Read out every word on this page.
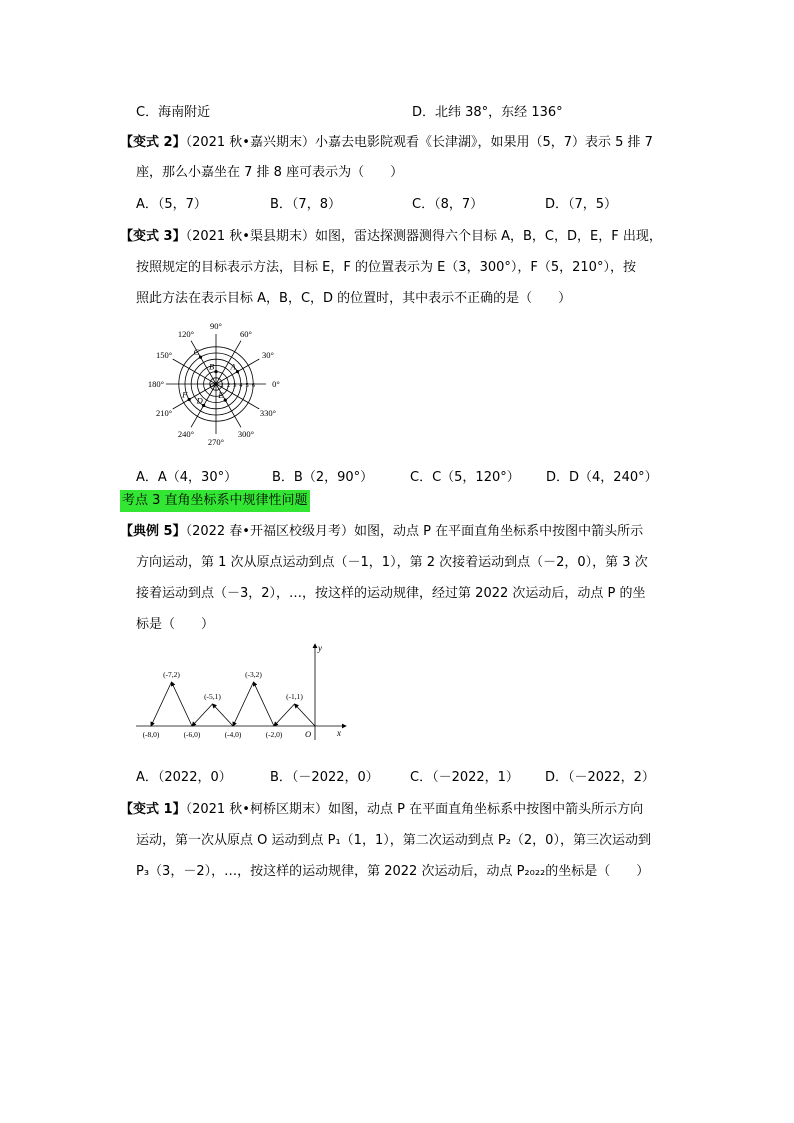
C．海南附近	D．北纬 38°，东经 136°
【变式 2】（2021 秋•嘉兴期末）小嘉去电影院观看《长津湖》，如果用（5，7）表示 5 排 7
座，那么小嘉坐在 7 排 8 座可表示为（　　）
A．（5，7）	B．（7，8）	C．（8，7）	D．（7，5）
【变式 3】（2021 秋•渠县期末）如图，雷达探测器测得六个目标 A，B，C，D，E，F 出现，
按照规定的目标表示方法，目标 E，F 的位置表示为 E（3，300°），F（5，210°），按
照此方法在表示目标 A，B，C，D 的位置时，其中表示不正确的是（　　）
0°
30°
60°
90°
120°
150°
180°
210°
240°
270°
300°
330°
1 2 3 4 5 6
O
A
B
C
D
E
F
A．A（4，30°）	B．B（2，90°）	C．C（5，120°） D．D（4，240°）
考点 3 直角坐标系中规律性问题
【典例 5】（2022 春•开福区校级月考）如图，动点 P 在平面直角坐标系中按图中箭头所示
方向运动，第 1 次从原点运动到点（－1，1），第 2 次接着运动到点（－2，0），第 3 次
接着运动到点（－3，2），…，按这样的运动规律，经过第 2022 次运动后，动点 P 的坐
标是（　　）
x
y
O
(-1,1)
(-2,0)
(-3,2)
(-4,0)
(-5,1)
(-6,0)
(-7,2)
(-8,0)
A．（2022，0）	B．（－2022，0） C．（－2022，1） D．（－2022，2）
【变式 1】（2021 秋•柯桥区期末）如图，动点 P 在平面直角坐标系中按图中箭头所示方向
运动，第一次从原点 O 运动到点 P₁（1，1），第二次运动到点 P₂（2，0），第三次运动到
P₃（3，－2），…，按这样的运动规律，第 2022 次运动后，动点 P₂₀₂₂的坐标是（　　）
